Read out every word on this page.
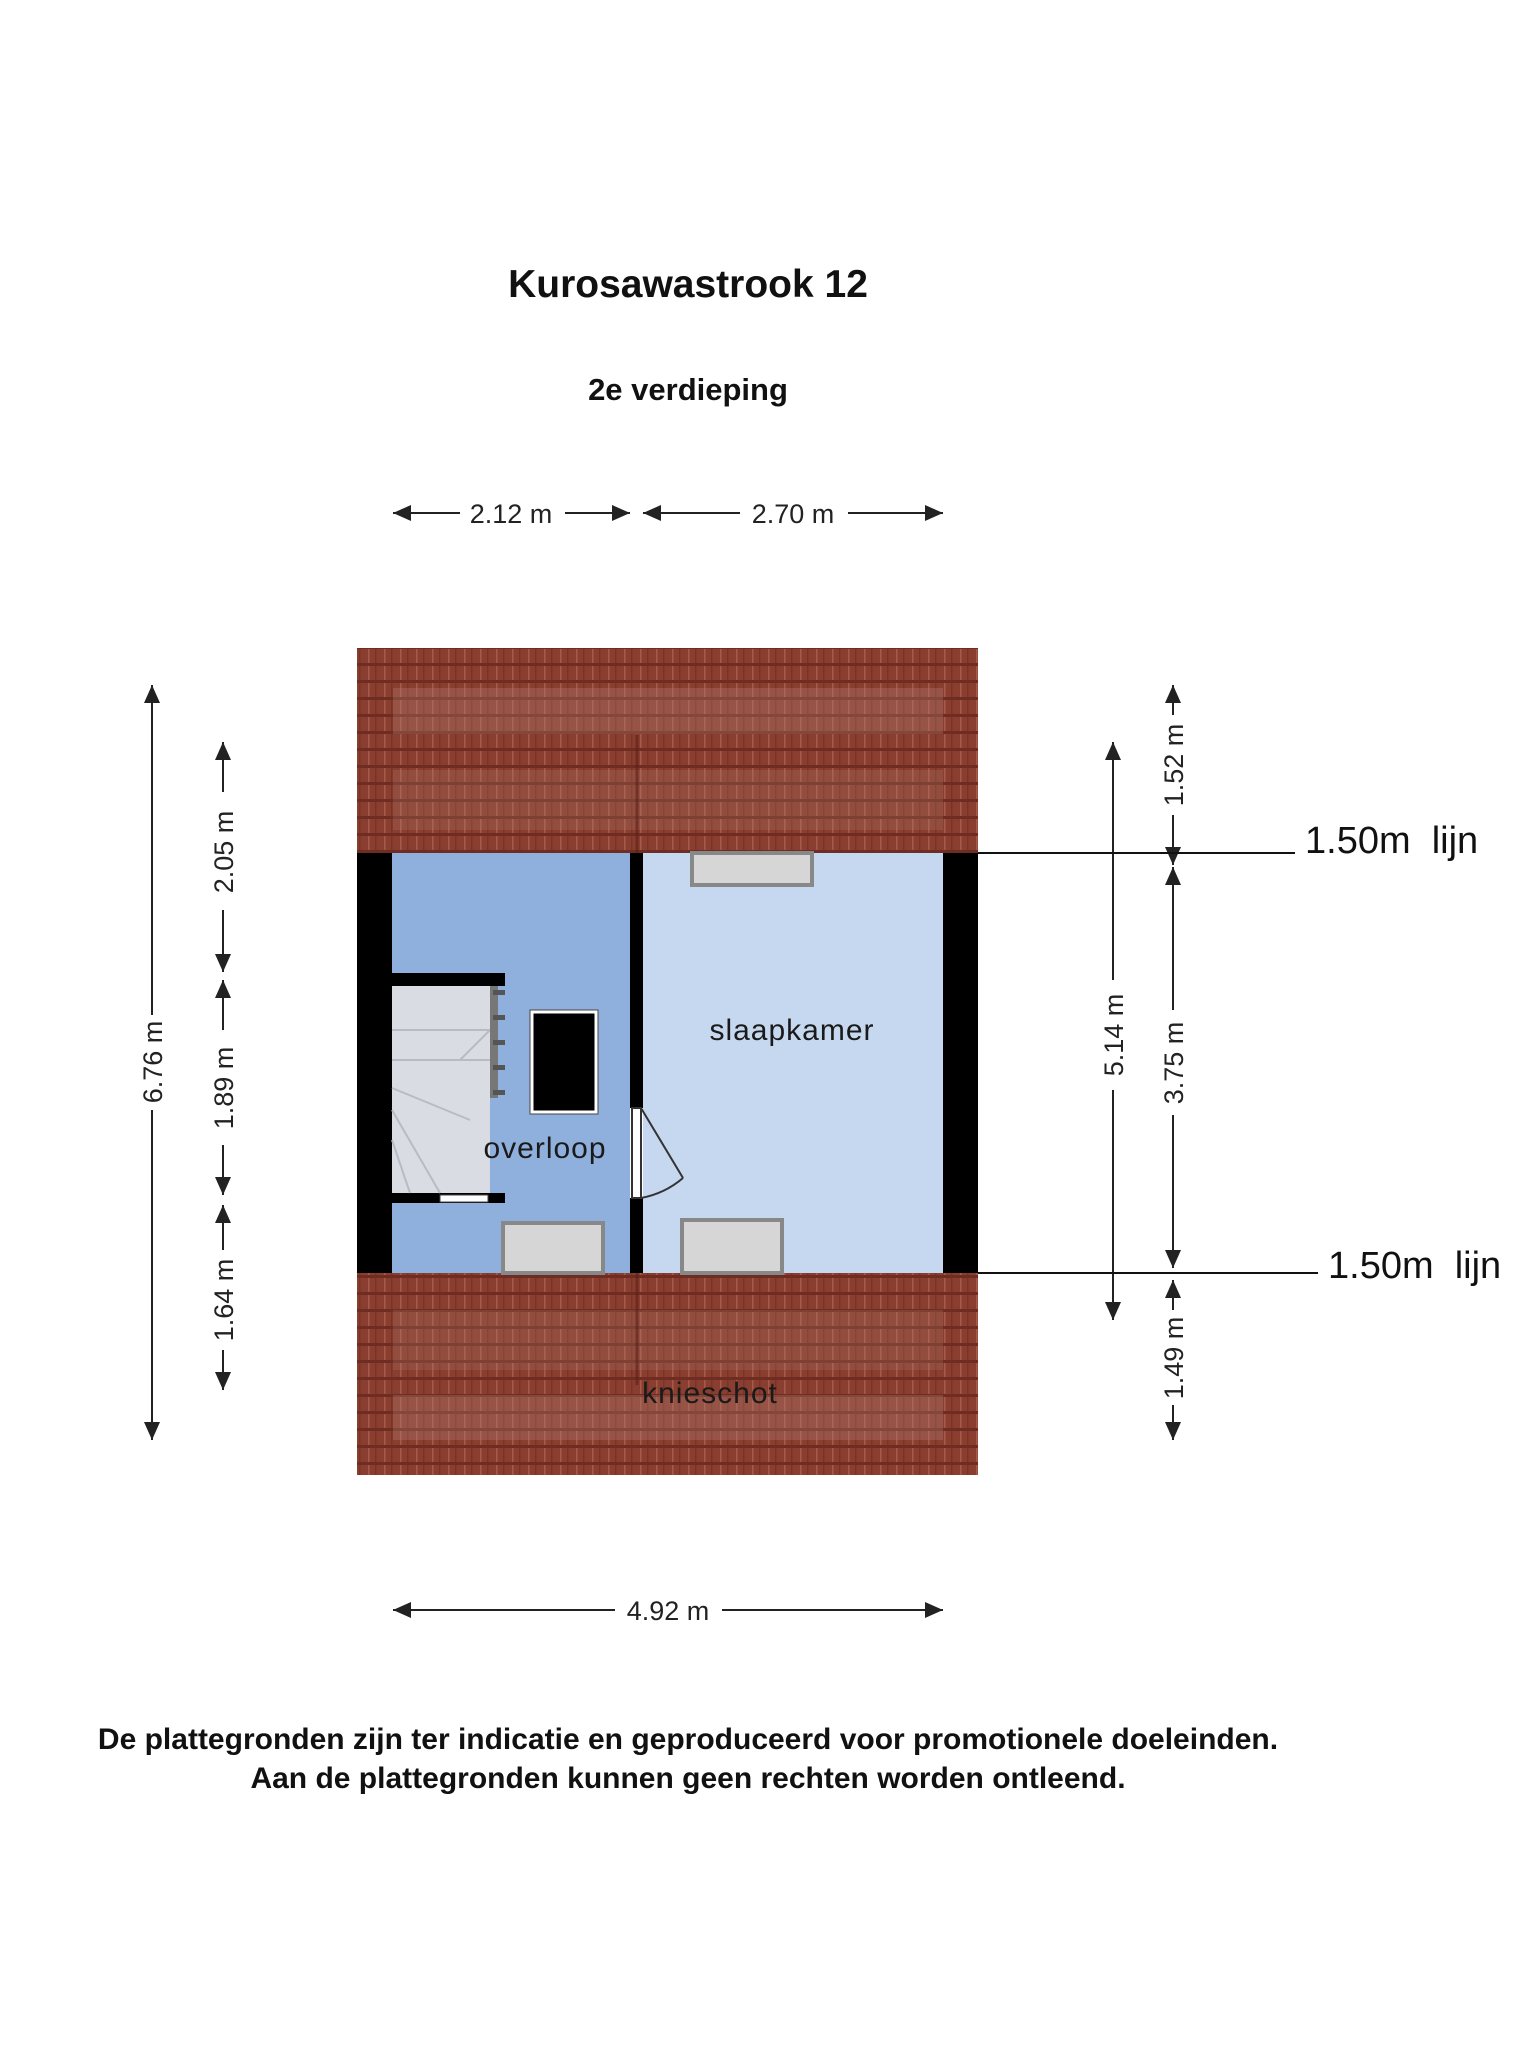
Kurosawastrook 12
2e verdieping
slaapkamer
overloop
knieschot
2.12 m	2.70 m
4.92 m
6.76 m
2.05 m
1.89 m
1.64 m
5.14 m
1.52 m
3.75 m
1.49 m
1.50m  lijn
1.50m  lijn
De plattegronden zijn ter indicatie en geproduceerd voor promotionele doeleinden.
Aan de plattegronden kunnen geen rechten worden ontleend.
